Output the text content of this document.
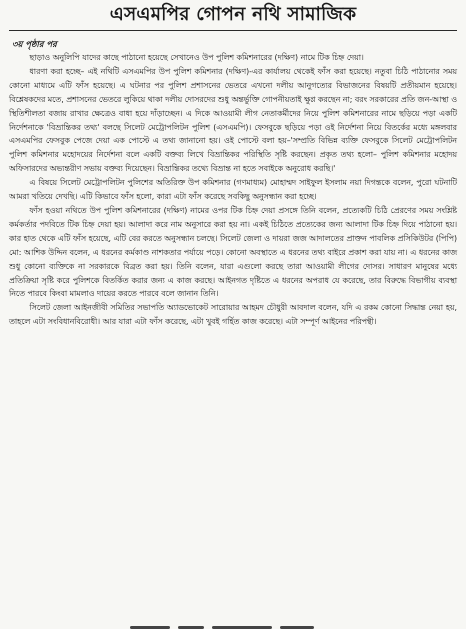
এসএমপির গোপন নথি সামাজিক
৩য় পৃষ্ঠার পর

ছাড়াও অনুলিপি যাদের কাছে পাঠানো হয়েছে সেখানেও উপ পুলিশ কমিশনারের (দক্ষিণ) নামে টিক চিহ্ন দেয়া।

ধারণা করা হচ্ছে– এই নথিটি এসএমপির উপ পুলিশ কমিশনার (দক্ষিণ)-এর কার্যালয় থেকেই ফাঁস করা হয়েছে। নতুবা চিঠি পাঠানোর সময় কোনো মাধ্যমে এটি ফাঁস হয়েছে। এ ঘটনার পর পুলিশ প্রশাসনের ভেতরে এখনো দলীয় আনুগত্যের বিভাজনের বিষয়টি প্রতীয়মান হয়েছে। বিশ্লেষকদের মতে, প্রশাসনের ভেতরে লুকিয়ে থাকা দলীয় দোসরদের শুধু অন্তর্ভুক্তি গোপনীয়তাই ক্ষুণ্ণ করছেন না; বরং সরকারের প্রতি জন-আস্থা ও স্থিতিশীলতা বজায় রাখার ক্ষেত্রেও বাধা হয়ে দাঁড়াচ্ছেন। এ দিকে আওয়ামী লীগ নেতাকর্মীদের নিয়ে পুলিশ কমিশনারের নামে ছড়িয়ে পড়া একটি নির্দেশনাকে 'বিভ্রান্তিকর তথ্য' বলছে সিলেট মেট্রোপলিটন পুলিশ (এসএমপি)। ফেসবুকে ছড়িয়ে পড়া ওই নির্দেশনা নিয়ে বিতর্কের মধ্যে মঙ্গলবার এসএমপির ফেসবুক পেজে দেয়া এক পোস্টে এ তথ্য জানানো হয়। ওই পোস্টে বলা হয়–'সম্প্রতি বিভিন্ন ব্যক্তি ফেসবুকে সিলেট মেট্রোপলিটন পুলিশ কমিশনার মহোদয়ের নির্দেশনা বলে একটি বক্তব্য লিখে বিভ্রান্তিকর পরিস্থিতি সৃষ্টি করছেন। প্রকৃত তথ্য হলো– পুলিশ কমিশনার মহোদয় অফিসারদের অভ্যন্তরীণ সভায় বক্তব্য দিয়েছেন। বিভ্রান্তিকর তথ্যে বিভ্রান্ত না হতে সবাইকে অনুরোধ করছি।'

এ বিষয়ে সিলেট মেট্রোপলিটন পুলিশের অতিরিক্ত উপ কমিশনার (গণমাধ্যম) মোহাম্মদ সাইফুল ইসলাম নয়া দিগন্তকে বলেন, পুরো ঘটনাটি আমরা খতিয়ে দেখছি। এটি কিভাবে ফাঁস হলো, কারা এটা ফাঁস করেছে সবকিছু অনুসন্ধান করা হচ্ছে।

ফাঁস হওয়া নথিতে উপ পুলিশ কমিশনারের (দক্ষিণ) নামের ওপর টিক চিহ্ন দেয়া প্রসঙ্গে তিনি বলেন, প্রত্যেকটি চিঠি প্রেরণের সময় সংশ্লিষ্ট কর্মকর্তার পদবিতে টিক চিহ্ন দেয়া হয়। আলাদা করে নাম অনুসারে করা হয় না। একই চিঠিতে প্রত্যেকের জন্য আলাদা টিক চিহ্ন দিয়ে পাঠানো হয়। কার হাত থেকে এটি ফাঁস হয়েছে, এটি বের করতে অনুসন্ধান চলছে। সিলেট জেলা ও দায়রা জজ আদালতের প্রাক্তন পাবলিক প্রসিকিউটর (পিপি) মো: আশিক উদ্দিন বলেন, এ ধরনের কর্মকাণ্ড নাশকতার পর্যায়ে পড়ে। কোনো অবস্থাতে এ ধরনের তথ্য বাইরে প্রকাশ করা যায় না। এ ধরনের কাজ শুধু কোনো ব্যক্তিকে না সরকারকে বিব্রত করা হয়। তিনি বলেন, যারা এগুলো করছে তারা আওয়ামী লীগের দোসর। সাধারণ মানুষের মধ্যে প্রতিক্রিয়া সৃষ্টি করে পুলিশকে বিতর্কিত করার জন্য এ কাজ করছে। আইনগত দৃষ্টিতে এ ধরনের অপরাধ যে করেছে, তার বিরুদ্ধে বিভাগীয় ব্যবস্থা নিতে পারবে কিংবা মামলাও দায়ের করতে পারবে বলে জানান তিনি।

সিলেট জেলা আইনজীবী সমিতির সভাপতি অ্যাডভোকেট সারোয়ার আহমদ চৌধুরী আবদাল বলেন, যদি এ রকম কোনো সিদ্ধান্ত নেয়া হয়, তাহলে এটা সংবিধানবিরোধী। আর যারা এটা ফাঁস করেছে, এটা খুবই গর্হিত কাজ করেছে। এটা সম্পূর্ণ আইনের পরিপন্থী।
